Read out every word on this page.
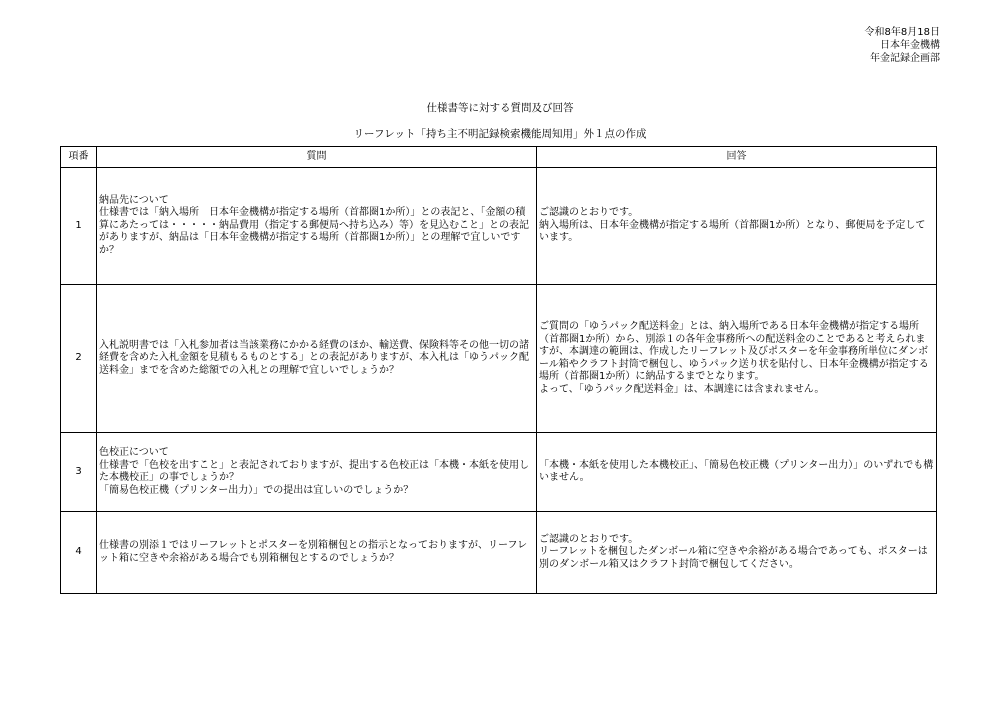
令和8年8月18日
日本年金機構
年金記録企画部
仕様書等に対する質問及び回答
リーフレット「持ち主不明記録検索機能周知用」外１点の作成
項番	質問	回答
1	納品先について
仕様書では「納入場所　日本年金機構が指定する場所（首都圏1か所）」との表記と、「金額の積算にあたっては・・・・・納品費用（指定する郵便局へ持ち込み）等）を見込むこと」との表記がありますが、納品は「日本年金機構が指定する場所（首都圏1か所）」との理解で宜しいですか？	ご認識のとおりです。
納入場所は、日本年金機構が指定する場所（首都圏1か所）となり、郵便局を予定しています。
2	入札説明書では「入札参加者は当該業務にかかる経費のほか、輸送費、保険料等その他一切の諸経費を含めた入札金額を見積もるものとする」との表記がありますが、本入札は「ゆうパック配送料金」までを含めた総額での入札との理解で宜しいでしょうか？	ご質問の「ゆうパック配送料金」とは、納入場所である日本年金機構が指定する場所（首都圏1か所）から、別添１の各年金事務所への配送料金のことであると考えられますが、本調達の範囲は、作成したリーフレット及びポスターを年金事務所単位にダンボール箱やクラフト封筒で梱包し、ゆうパック送り状を貼付し、日本年金機構が指定する場所（首都圏1か所）に納品するまでとなります。
よって、「ゆうパック配送料金」は、本調達には含まれません。
3	色校正について
仕様書で「色校を出すこと」と表記されておりますが、提出する色校正は「本機・本紙を使用した本機校正」の事でしょうか？
「簡易色校正機（プリンター出力）」での提出は宜しいのでしょうか？	「本機・本紙を使用した本機校正」、「簡易色校正機（プリンター出力）」のいずれでも構いません。
4	仕様書の別添１ではリーフレットとポスターを別箱梱包との指示となっておりますが、リーフレット箱に空きや余裕がある場合でも別箱梱包とするのでしょうか？	ご認識のとおりです。
リーフレットを梱包したダンボール箱に空きや余裕がある場合であっても、ポスターは別のダンボール箱又はクラフト封筒で梱包してください。
